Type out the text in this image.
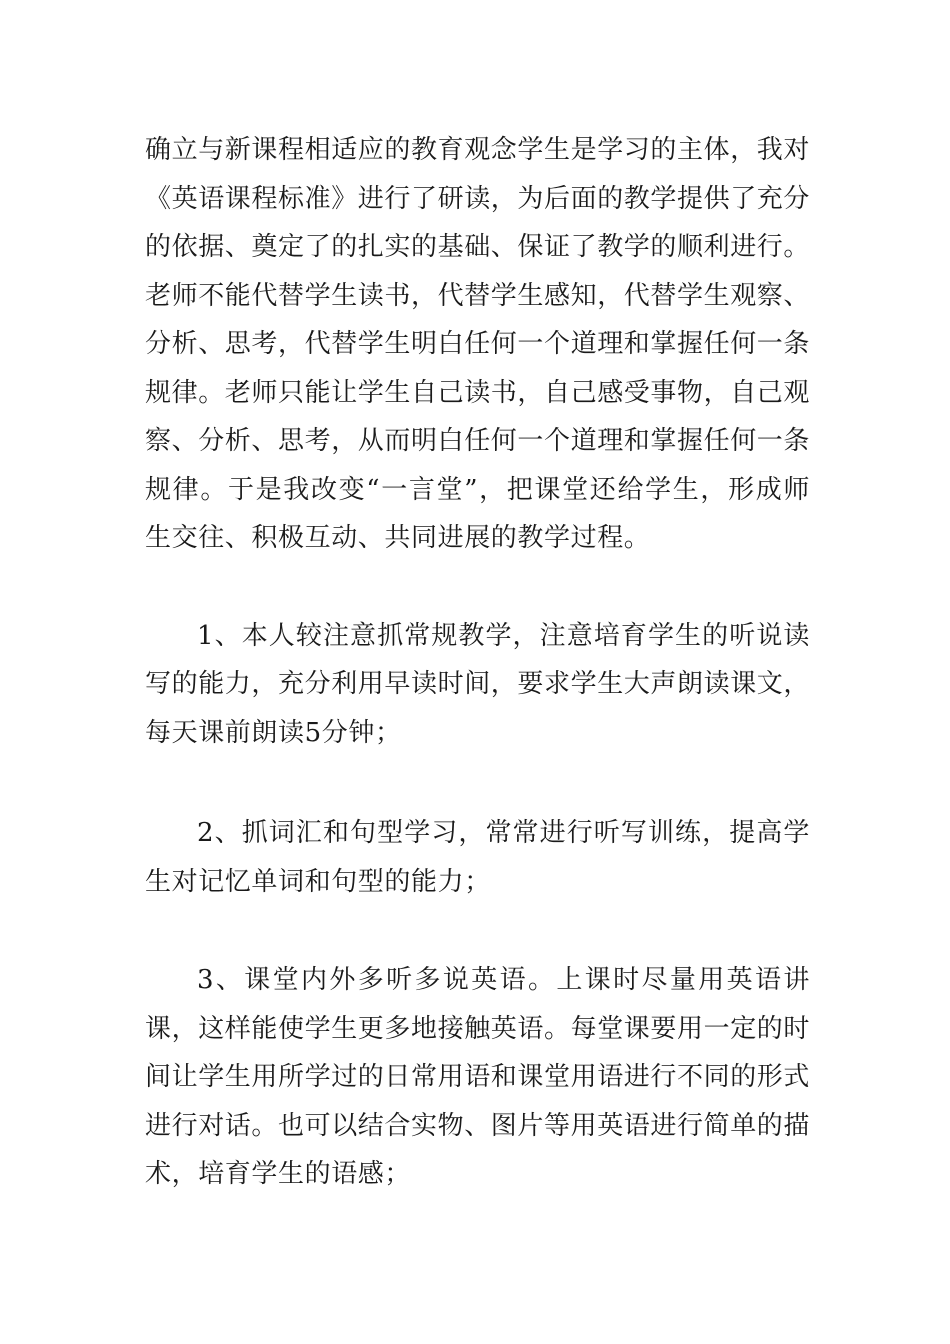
确立与新课程相适应的教育观念学生是学习的主体，我对《英语课程标准》进行了研读，为后面的教学提供了充分的依据、奠定了的扎实的基础、保证了教学的顺利进行。老师不能代替学生读书，代替学生感知，代替学生观察、分析、思考，代替学生明白任何一个道理和掌握任何一条规律。老师只能让学生自己读书，自己感受事物，自己观察、分析、思考，从而明白任何一个道理和掌握任何一条规律。于是我改变“一言堂”，把课堂还给学生，形成师生交往、积极互动、共同进展的教学过程。

1、本人较注意抓常规教学，注意培育学生的听说读写的能力，充分利用早读时间，要求学生大声朗读课文，每天课前朗读5分钟；

2、抓词汇和句型学习，常常进行听写训练，提高学生对记忆单词和句型的能力；

3、课堂内外多听多说英语。上课时尽量用英语讲课，这样能使学生更多地接触英语。每堂课要用一定的时间让学生用所学过的日常用语和课堂用语进行不同的形式进行对话。也可以结合实物、图片等用英语进行简单的描术，培育学生的语感；
